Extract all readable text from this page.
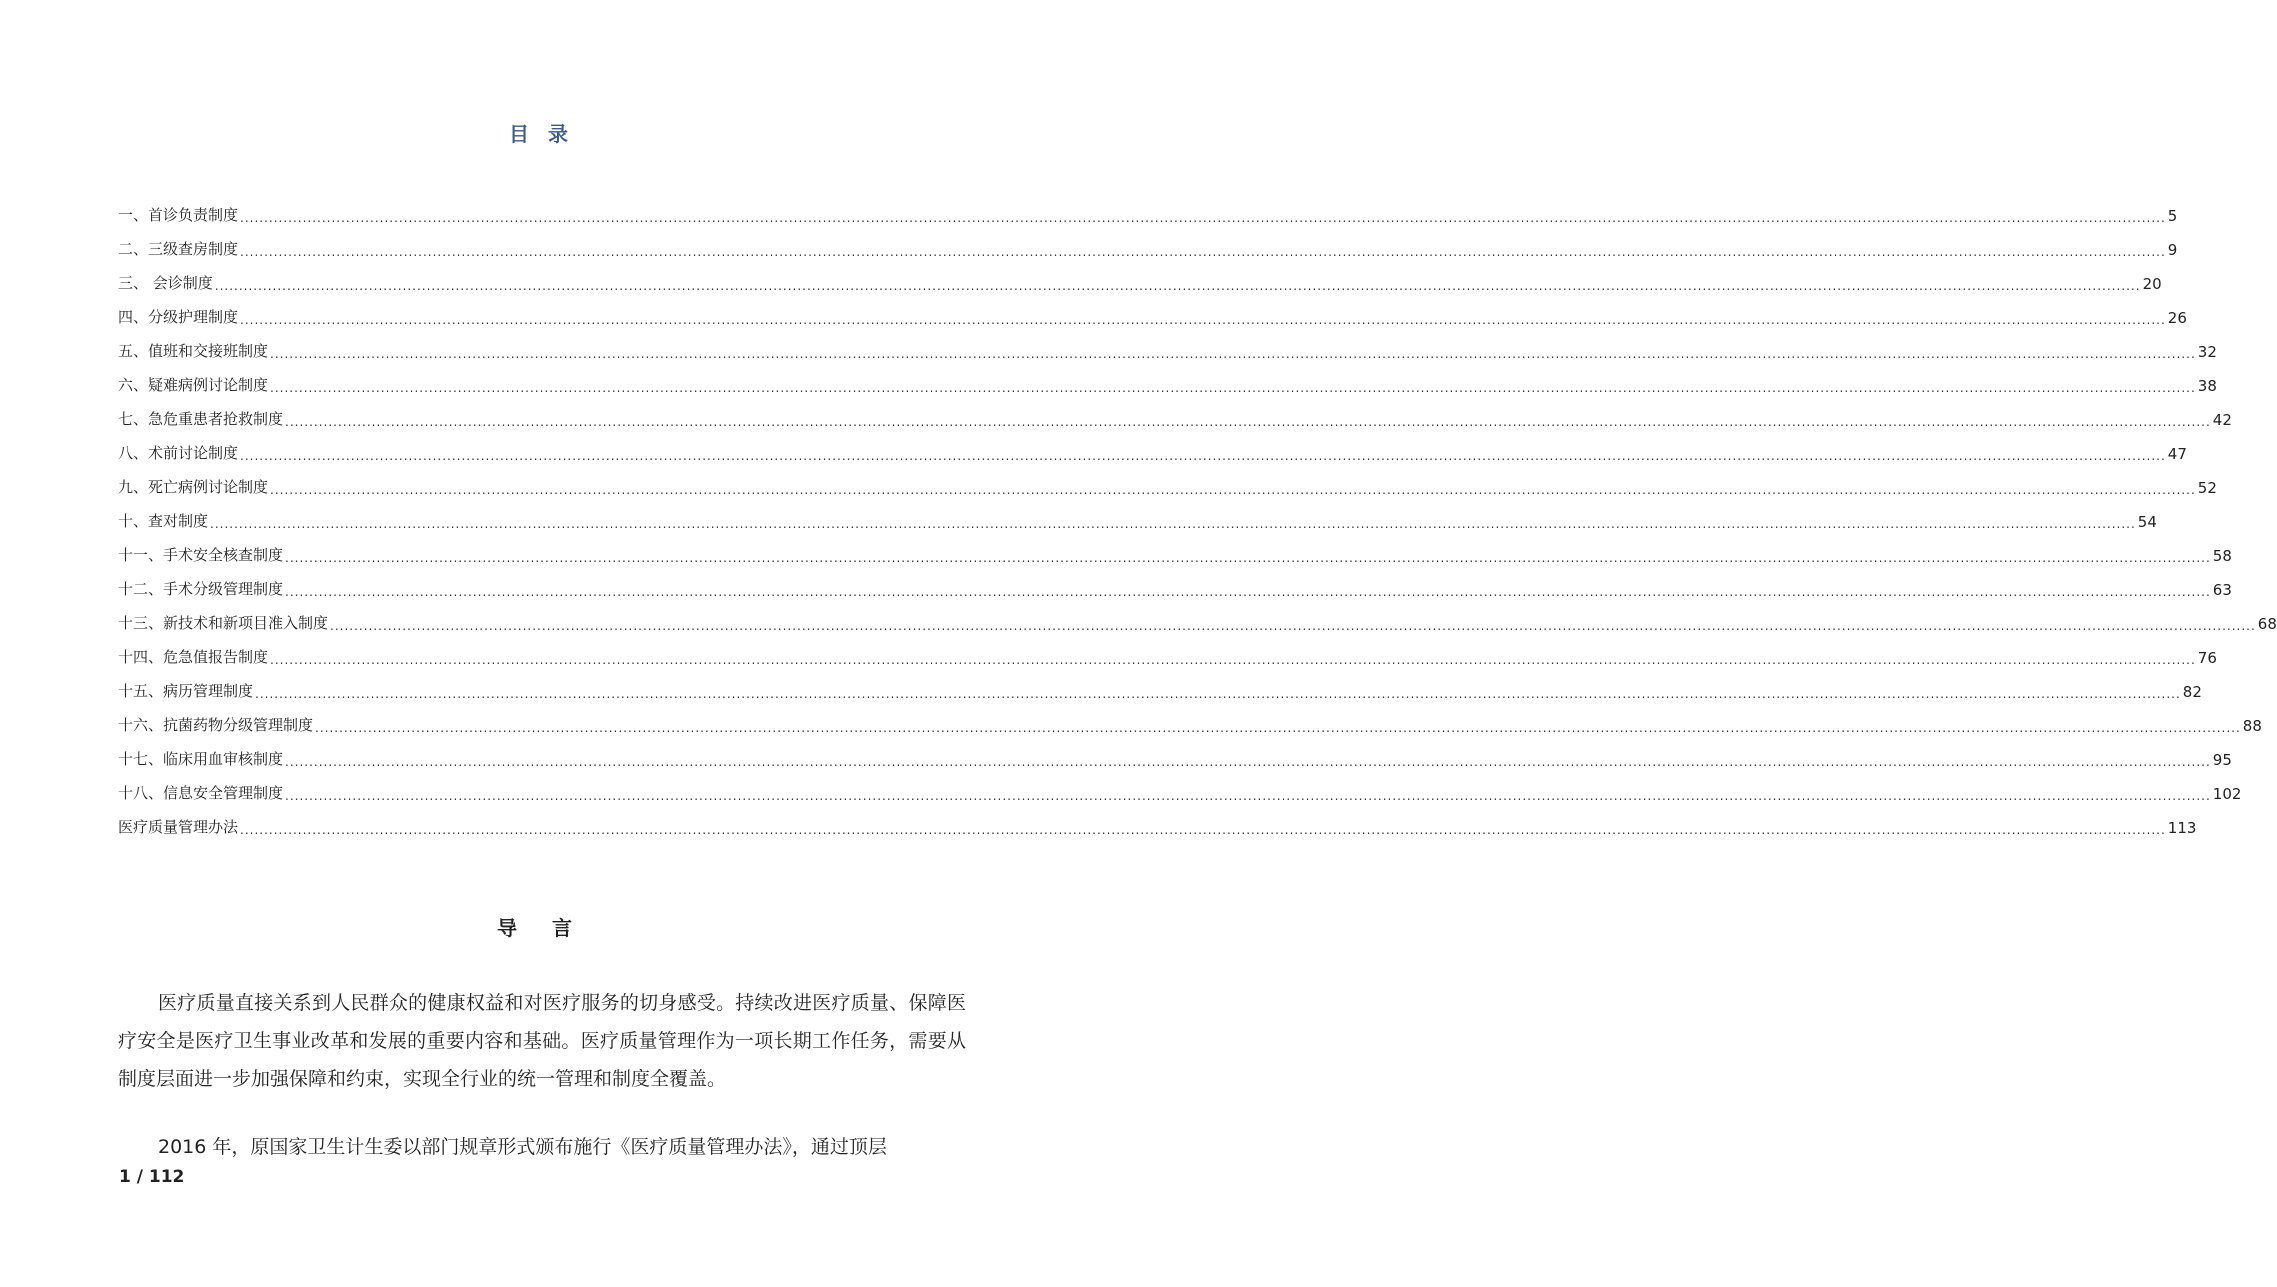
目 录
一、首诊负责制度 ................................................................................................................................................................................................................................................................................................................................................................................................................ 5
二、三级查房制度 ................................................................................................................................................................................................................................................................................................................................................................................................................ 9
三、 会诊制度 ................................................................................................................................................................................................................................................................................................................................................................................................................ 20
四、分级护理制度 ................................................................................................................................................................................................................................................................................................................................................................................................................ 26
五、值班和交接班制度 ................................................................................................................................................................................................................................................................................................................................................................................................................ 32
六、疑难病例讨论制度 ................................................................................................................................................................................................................................................................................................................................................................................................................ 38
七、急危重患者抢救制度 ................................................................................................................................................................................................................................................................................................................................................................................................................ 42
八、术前讨论制度 ................................................................................................................................................................................................................................................................................................................................................................................................................ 47
九、死亡病例讨论制度 ................................................................................................................................................................................................................................................................................................................................................................................................................ 52
十、查对制度 ................................................................................................................................................................................................................................................................................................................................................................................................................ 54
十一、手术安全核查制度 ................................................................................................................................................................................................................................................................................................................................................................................................................ 58
十二、手术分级管理制度 ................................................................................................................................................................................................................................................................................................................................................................................................................ 63
十三、新技术和新项目准入制度 ................................................................................................................................................................................................................................................................................................................................................................................................................ 68
十四、危急值报告制度 ................................................................................................................................................................................................................................................................................................................................................................................................................ 76
十五、病历管理制度 ................................................................................................................................................................................................................................................................................................................................................................................................................ 82
十六、抗菌药物分级管理制度 ................................................................................................................................................................................................................................................................................................................................................................................................................ 88
十七、临床用血审核制度 ................................................................................................................................................................................................................................................................................................................................................................................................................ 95
十八、信息安全管理制度 ................................................................................................................................................................................................................................................................................................................................................................................................................ 102
医疗质量管理办法 ................................................................................................................................................................................................................................................................................................................................................................................................................ 113
导 言

医疗质量直接关系到人民群众的健康权益和对医疗服务的切身感受。持续改进医疗质量、保障医疗安全是医疗卫生事业改革和发展的重要内容和基础。医疗质量管理作为一项长期工作任务，需要从制度层面进一步加强保障和约束，实现全行业的统一管理和制度全覆盖。

2016 年，原国家卫生计生委以部门规章形式颁布施行《医疗质量管理办法》，通过顶层

1 / 112
